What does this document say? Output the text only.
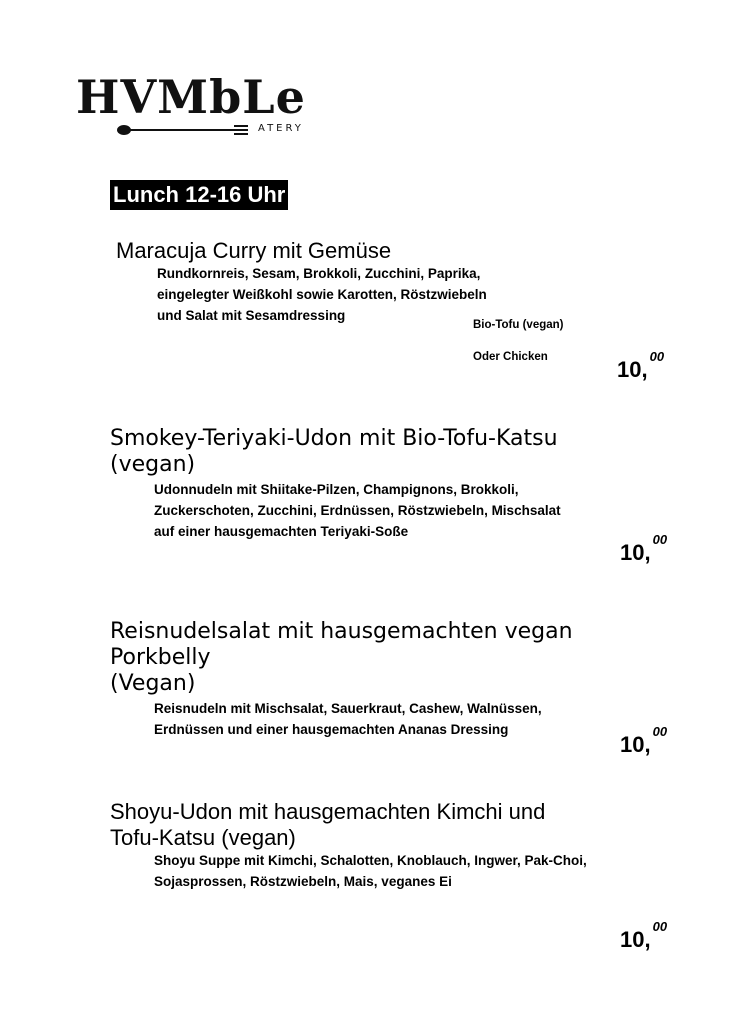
HVMbLe
ATERY
Lunch 12-16 Uhr
Maracuja Curry mit Gemüse
Rundkornreis, Sesam, Brokkoli, Zucchini, Paprika,
eingelegter Weißkohl sowie Karotten, Röstzwiebeln
und Salat mit Sesamdressing
Bio-Tofu (vegan)
Oder Chicken	10,00
Smokey-Teriyaki-Udon mit Bio-Tofu-Katsu
(vegan)
Udonnudeln mit Shiitake-Pilzen, Champignons, Brokkoli,
Zuckerschoten, Zucchini, Erdnüssen, Röstzwiebeln, Mischsalat
auf einer hausgemachten Teriyaki-Soße
10,00
Reisnudelsalat mit hausgemachten vegan
Porkbelly
(Vegan)
Reisnudeln mit Mischsalat, Sauerkraut, Cashew, Walnüssen,
Erdnüssen und einer hausgemachten Ananas Dressing
10,00
Shoyu-Udon mit hausgemachten Kimchi und
Tofu-Katsu (vegan)
Shoyu Suppe mit Kimchi, Schalotten, Knoblauch, Ingwer, Pak-Choi,
Sojasprossen, Röstzwiebeln, Mais, veganes Ei
10,00
